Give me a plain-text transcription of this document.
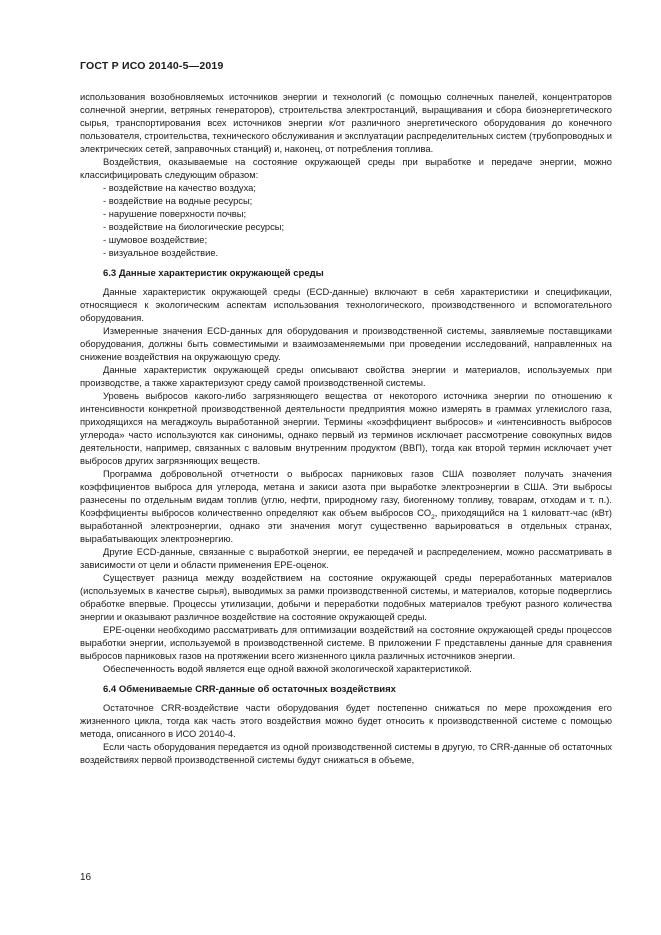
ГОСТ Р ИСО 20140-5—2019

использования возобновляемых источников энергии и технологий (с помощью солнечных панелей, концентраторов солнечной энергии, ветряных генераторов), строительства электростанций, выращивания и сбора биоэнергетического сырья, транспортирования всех источников энергии к/от различного энергетического оборудования до конечного пользователя, строительства, технического обслуживания и эксплуатации распределительных систем (трубопроводных и электрических сетей, заправочных станций) и, наконец, от потребления топлива.

Воздействия, оказываемые на состояние окружающей среды при выработке и передаче энергии, можно классифицировать следующим образом:

- воздействие на качество воздуха;
- воздействие на водные ресурсы;
- нарушение поверхности почвы;
- воздействие на биологические ресурсы;
- шумовое воздействие;
- визуальное воздействие.
6.3 Данные характеристик окружающей среды

Данные характеристик окружающей среды (ECD-данные) включают в себя характеристики и спецификации, относящиеся к экологическим аспектам использования технологического, производственного и вспомогательного оборудования.

Измеренные значения ECD-данных для оборудования и производственной системы, заявляемые поставщиками оборудования, должны быть совместимыми и взаимозаменяемыми при проведении исследований, направленных на снижение воздействия на окружающую среду.

Данные характеристик окружающей среды описывают свойства энергии и материалов, используемых при производстве, а также характеризуют среду самой производственной системы.

Уровень выбросов какого-либо загрязняющего вещества от некоторого источника энергии по отношению к интенсивности конкретной производственной деятельности предприятия можно измерять в граммах углекислого газа, приходящихся на мегаджоуль выработанной энергии. Термины «коэффициент выбросов» и «интенсивность выбросов углерода» часто используются как синонимы, однако первый из терминов исключает рассмотрение совокупных видов деятельности, например, связанных с валовым внутренним продуктом (ВВП), тогда как второй термин исключает учет выбросов других загрязняющих веществ.

Программа добровольной отчетности о выбросах парниковых газов США позволяет получать значения коэффициентов выброса для углерода, метана и закиси азота при выработке электроэнергии в США. Эти выбросы разнесены по отдельным видам топлив (углю, нефти, природному газу, биогенному топливу, товарам, отходам и т. п.). Коэффициенты выбросов количественно определяют как объем выбросов $CO_2$, приходящийся на 1 киловатт-час (кВт) выработанной электроэнергии, однако эти значения могут существенно варьироваться в отдельных странах, вырабатывающих электроэнергию.

Другие ECD-данные, связанные с выработкой энергии, ее передачей и распределением, можно рассматривать в зависимости от цели и области применения EPE-оценок.

Существует разница между воздействием на состояние окружающей среды переработанных материалов (используемых в качестве сырья), выводимых за рамки производственной системы, и материалов, которые подверглись обработке впервые. Процессы утилизации, добычи и переработки подобных материалов требуют разного количества энергии и оказывают различное воздействие на состояние окружающей среды.

EPE-оценки необходимо рассматривать для оптимизации воздействий на состояние окружающей среды процессов выработки энергии, используемой в производственной системе. В приложении F представлены данные для сравнения выбросов парниковых газов на протяжении всего жизненного цикла различных источников энергии.

Обеспеченность водой является еще одной важной экологической характеристикой.

6.4 Обмениваемые CRR-данные об остаточных воздействиях

Остаточное CRR-воздействие части оборудования будет постепенно снижаться по мере прохождения его жизненного цикла, тогда как часть этого воздействия можно будет относить к производственной системе с помощью метода, описанного в ИСО 20140-4.

Если часть оборудования передается из одной производственной системы в другую, то CRR-данные об остаточных воздействиях первой производственной системы будут снижаться в объеме,

16
